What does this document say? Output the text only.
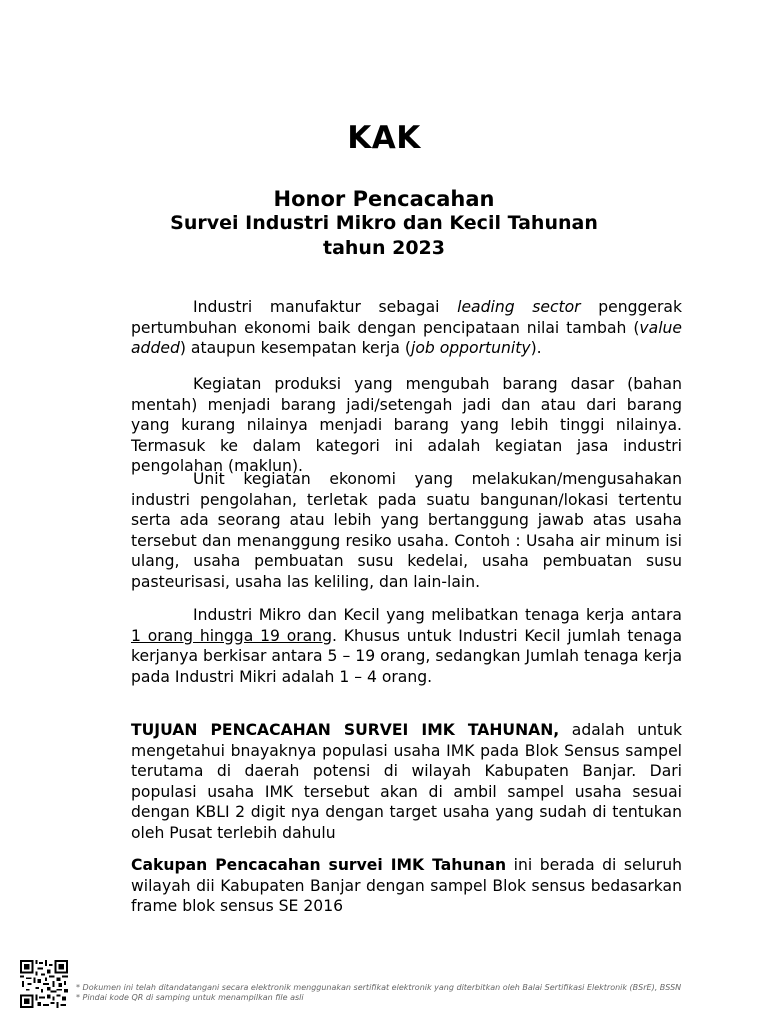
KAK
Honor Pencacahan
Survei Industri Mikro dan Kecil Tahunan
tahun 2023

Industri manufaktur sebagai leading sector penggerak pertumbuhan ekonomi baik dengan pencipataan nilai tambah (value added) ataupun kesempatan kerja (job opportunity).

Kegiatan produksi yang mengubah barang dasar (bahan mentah) menjadi barang jadi/setengah jadi dan atau dari barang yang kurang nilainya menjadi barang yang lebih tinggi nilainya. Termasuk ke dalam kategori ini adalah kegiatan jasa industri pengolahan (maklun).

Unit kegiatan ekonomi yang melakukan/mengusahakan industri pengolahan, terletak pada suatu bangunan/lokasi tertentu serta ada seorang atau lebih yang bertanggung jawab atas usaha tersebut dan menanggung resiko usaha. Contoh : Usaha air minum isi ulang, usaha pembuatan susu kedelai, usaha pembuatan susu pasteurisasi, usaha las keliling, dan lain-lain.

Industri Mikro dan Kecil yang melibatkan tenaga kerja antara 1 orang hingga 19 orang. Khusus untuk Industri Kecil jumlah tenaga kerjanya berkisar antara 5 – 19 orang, sedangkan Jumlah tenaga kerja pada Industri Mikri adalah 1 – 4 orang.

TUJUAN PENCACAHAN SURVEI IMK TAHUNAN, adalah untuk mengetahui bnayaknya populasi usaha IMK pada Blok Sensus sampel terutama di daerah potensi di wilayah Kabupaten Banjar. Dari populasi usaha IMK tersebut akan di ambil sampel usaha sesuai dengan KBLI 2 digit nya dengan target usaha yang sudah di tentukan oleh Pusat terlebih dahulu

Cakupan Pencacahan survei IMK Tahunan ini berada di seluruh wilayah dii Kabupaten Banjar dengan sampel Blok sensus bedasarkan frame blok sensus SE 2016

* Dokumen ini telah ditandatangani secara elektronik menggunakan sertifikat elektronik yang diterbitkan oleh Balai Sertifikasi Elektronik (BSrE), BSSN
* Pindai kode QR di samping untuk menampilkan file asli
